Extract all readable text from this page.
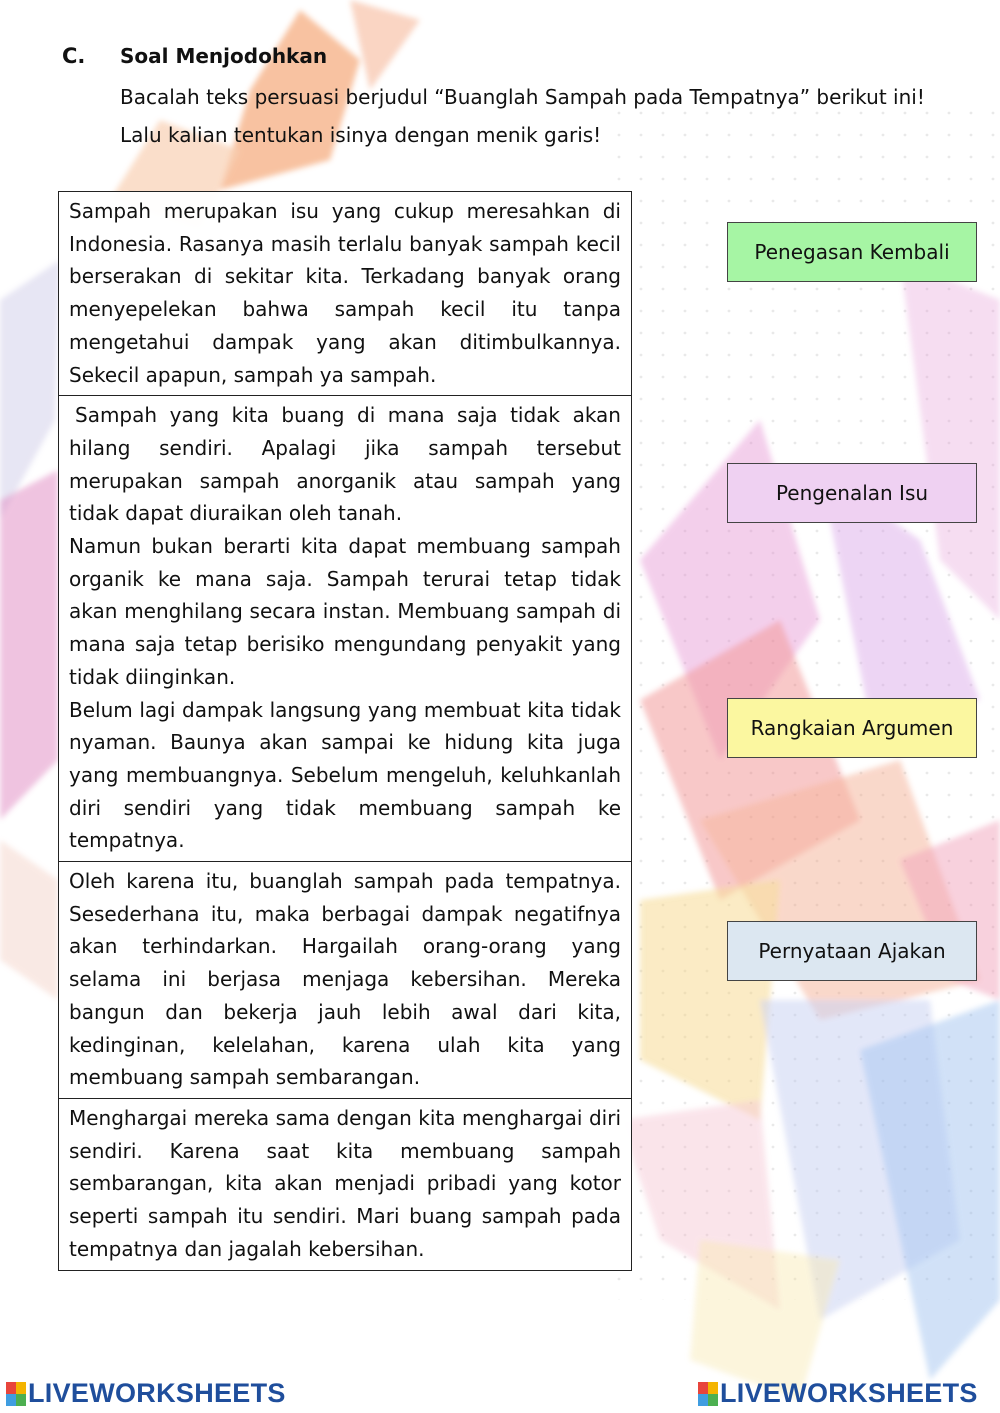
C. Soal Menjodohkan
Bacalah teks persuasi berjudul “Buanglah Sampah pada Tempatnya” berikut ini! Lalu kalian tentukan isinya dengan menik garis!

Sampah merupakan isu yang cukup meresahkan di Indonesia. Rasanya masih terlalu banyak sampah kecil berserakan di sekitar kita. Terkadang banyak orang menyepelekan bahwa sampah kecil itu tanpa mengetahui dampak yang akan ditimbulkannya. Sekecil apapun, sampah ya sampah.

Sampah yang kita buang di mana saja tidak akan hilang sendiri. Apalagi jika sampah tersebut merupakan sampah anorganik atau sampah yang tidak dapat diuraikan oleh tanah.

Namun bukan berarti kita dapat membuang sampah organik ke mana saja. Sampah terurai tetap tidak akan menghilang secara instan. Membuang sampah di mana saja tetap berisiko mengundang penyakit yang tidak diinginkan.

Belum lagi dampak langsung yang membuat kita tidak nyaman. Baunya akan sampai ke hidung kita juga yang membuangnya. Sebelum mengeluh, keluhkanlah diri sendiri yang tidak membuang sampah ke tempatnya.

Oleh karena itu, buanglah sampah pada tempatnya. Sesederhana itu, maka berbagai dampak negatifnya akan terhindarkan. Hargailah orang-orang yang selama ini berjasa menjaga kebersihan. Mereka bangun dan bekerja jauh lebih awal dari kita, kedinginan, kelelahan, karena ulah kita yang membuang sampah sembarangan.

Menghargai mereka sama dengan kita menghargai diri sendiri. Karena saat kita membuang sampah sembarangan, kita akan menjadi pribadi yang kotor seperti sampah itu sendiri. Mari buang sampah pada tempatnya dan jagalah kebersihan.

Penegasan Kembali
Pengenalan Isu
Rangkaian Argumen
Pernyataan Ajakan
LIVEWORKSHEETS	LIVEWORKSHEETS
